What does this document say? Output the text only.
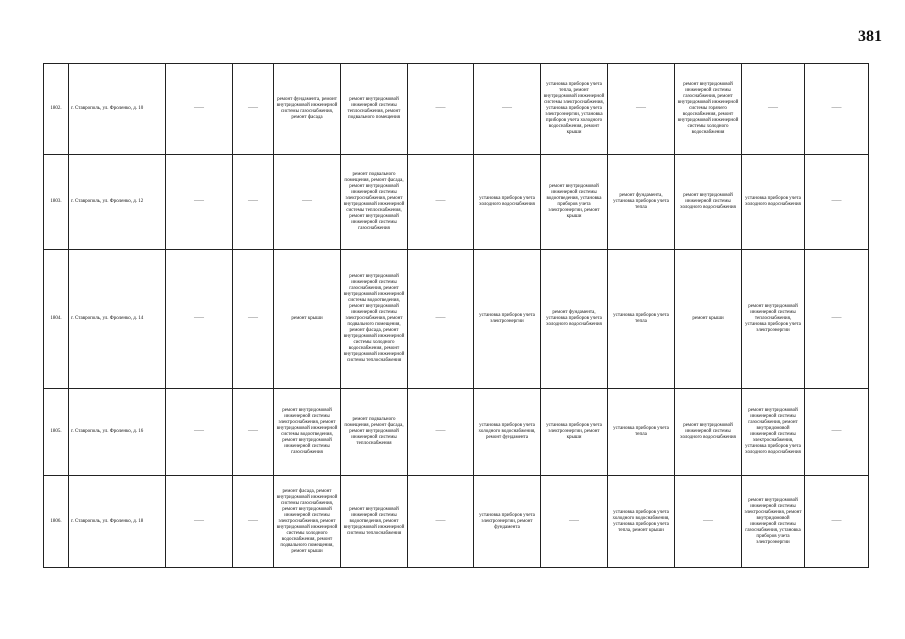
381
1802.	г. Ставрополь, ул. Фроленко, д. 10	——	——	ремонт фундамента, ремонт внутридомовой инженерной системы газоснабжения, ремонт фасада	ремонт внутридомовой инженерной системы теплоснабжения, ремонт подвального помещения	——	——	установка приборов учета тепла, ремонт внутридомовой инженерной системы электроснабжения, установка приборов учета электроэнергии, установка приборов учета холодного водоснабжения, ремонт крыши	——	ремонт внутридомовой инженерной системы газоснабжения, ремонт внутридомовой инженерной системы горячего водоснабжения, ремонт внутридомовой инженерной системы холодного водоснабжения	——	——
1803.	г. Ставрополь, ул. Фроленко, д. 12	——	——	——	ремонт подвального помещения, ремонт фасада, ремонт внутридомовой инженерной системы электроснабжения, ремонт внутридомовой инженерной системы теплоснабжения, ремонт внутридомовой инженерной системы газоснабжения	——	установка приборов учета холодного водоснабжения	ремонт внутридомовой инженерной системы водоотведения, установка приборов учета электроэнергии, ремонт крыши	ремонт фундамента, установка приборов учета тепла	ремонт внутридомовой инженерной системы холодного водоснабжения	установка приборов учета холодного водоснабжения	——
1804.	г. Ставрополь, ул. Фроленко, д. 14	——	——	ремонт крыши	ремонт внутридомовой инженерной системы газоснабжения, ремонт внутридомовой инженерной системы водоотведения, ремонт внутридомовой инженерной системы электроснабжения, ремонт подвального помещения, ремонт фасада, ремонт внутридомовой инженерной системы холодного водоснабжения, ремонт внутридомовой инженерной системы теплоснабжения	——	установка приборов учета электроэнергии	ремонт фундамента, установка приборов учета холодного водоснабжения	установка приборов учета тепла	ремонт крыши	ремонт внутридомовой инженерной системы теплоснабжения, установка приборов учета электроэнергии	——
1805.	г. Ставрополь, ул. Фроленко, д. 16	——	——	ремонт внутридомовой инженерной системы электроснабжения, ремонт внутридомовой инженерной системы водоотведения, ремонт внутридомовой инженерной системы газоснабжения	ремонт подвального помещения, ремонт фасада, ремонт внутридомовой инженерной системы теплоснабжения	——	установка приборов учета холодного водоснабжения, ремонт фундамента	установка приборов учета электроэнергии, ремонт крыши	установка приборов учета тепла	ремонт внутридомовой инженерной системы холодного водоснабжения	ремонт внутридомовой инженерной системы газоснабжения, ремонт внутридомовой инженерной системы электроснабжения, установка приборов учета холодного водоснабжения	——
1806.	г. Ставрополь, ул. Фроленко, д. 18	——	——	ремонт фасада, ремонт внутридомовой инженерной системы газоснабжения, ремонт внутридомовой инженерной системы электроснабжения, ремонт внутридомовой инженерной системы холодного водоснабжения, ремонт подвального помещения, ремонт крыши	ремонт внутридомовой инженерной системы водоотведения, ремонт внутридомовой инженерной системы теплоснабжения	——	установка приборов учета электроэнергии, ремонт фундамента	——	установка приборов учета холодного водоснабжения, установка приборов учета тепла, ремонт крыши	——	ремонт внутридомовой инженерной системы электроснабжения, ремонт внутридомовой инженерной системы газоснабжения, установка приборов учета электроэнергии	——
